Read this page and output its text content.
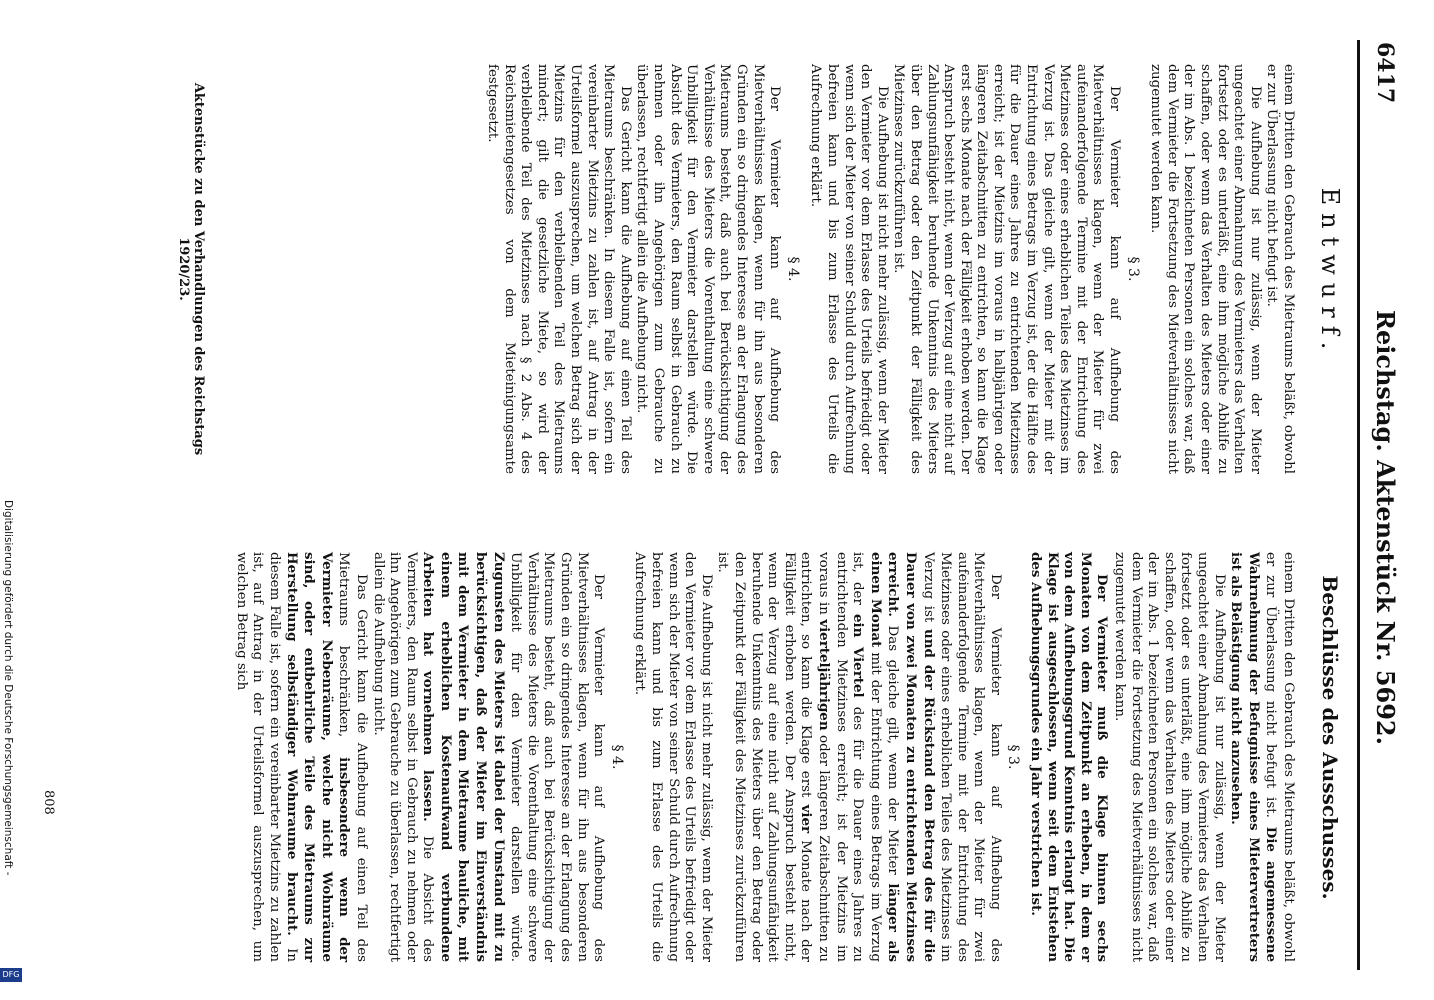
Digitalisierung gefördert durch die Deutsche Forschungsgemeinschaft -
DFG
6417
Reichstag. Aktenstück Nr. 5692.
Entwurf.
Beschlüsse des Ausschusses.

einem Dritten den Gebrauch des Mietraums beläßt, obwohl er zur Überlassung nicht befugt ist.

Die Aufhebung ist nur zulässig, wenn der Mieter ungeachtet einer Abmahnung des Vermieters das Verhalten fortsetzt oder es unterläßt, eine ihm mögliche Abhilfe zu schaffen, oder wenn das Verhalten des Mieters oder einer der im Abs. 1 bezeichneten Personen ein solches war, daß dem Vermieter die Fortsetzung des Mietverhältnisses nicht zugemutet werden kann.

§ 3.

Der Vermieter kann auf Aufhebung des Mietverhältnisses klagen, wenn der Mieter für zwei aufeinanderfolgende Termine mit der Entrichtung des Mietzinses oder eines erheblichen Teiles des Mietzinses im Verzug ist. Das gleiche gilt, wenn der Mieter mit der Entrichtung eines Betrags im Verzug ist, der die Hälfte des für die Dauer eines Jahres zu entrichtenden Mietzinses erreicht; ist der Mietzins im voraus in halbjährigen oder längeren Zeitabschnitten zu entrichten, so kann die Klage erst sechs Monate nach der Fälligkeit erhoben werden. Der Anspruch besteht nicht, wenn der Verzug auf eine nicht auf Zahlungsunfähigkeit beruhende Unkenntnis des Mieters über den Betrag oder den Zeitpunkt der Fälligkeit des Mietzinses zurückzuführen ist.

Die Aufhebung ist nicht mehr zulässig, wenn der Mieter den Vermieter vor dem Erlasse des Urteils befriedigt oder wenn sich der Mieter von seiner Schuld durch Aufrechnung befreien kann und bis zum Erlasse des Urteils die Aufrechnung erklärt.

§ 4.

Der Vermieter kann auf Aufhebung des Mietverhältnisses klagen, wenn für ihn aus besonderen Gründen ein so dringendes Interesse an der Erlangung des Mietraums besteht, daß auch bei Berücksichtigung der Verhältnisse des Mieters die Vorenthaltung eine schwere Unbilligkeit für den Vermieter darstellen würde. Die Absicht des Vermieters, den Raum selbst in Gebrauch zu nehmen oder ihn Angehörigen zum Gebrauche zu überlassen, rechtfertigt allein die Aufhebung nicht.

Das Gericht kann die Aufhebung auf einen Teil des Mietraums beschränken. In diesem Falle ist, sofern ein vereinbarter Mietzins zu zahlen ist, auf Antrag in der Urteilsformel auszusprechen, um welchen Betrag sich der Mietzins für den verbleibenden Teil des Mietraums mindert; gilt die gesetzliche Miete, so wird der verbleibende Teil des Mietzinses nach § 2 Abs. 4 des Reichsmietengesetzes von dem Mieteinigungsamte festgesetzt.

Aktenstücke zu den Verhandlungen des Reichstags 1920/23.

einem Dritten den Gebrauch des Mietraums beläßt, obwohl er zur Überlassung nicht befugt ist. Die angemessene Wahrnehmung der Befugnisse eines Mietervertreters ist als Belästigung nicht anzusehen.

Die Aufhebung ist nur zulässig, wenn der Mieter ungeachtet einer Abmahnung des Vermieters das Verhalten fortsetzt oder es unterläßt, eine ihm mögliche Abhilfe zu schaffen, oder wenn das Verhalten des Mieters oder einer der im Abs. 1 bezeichneten Personen ein solches war, daß dem Vermieter die Fortsetzung des Mietverhältnisses nicht zugemutet werden kann.

Der Vermieter muß die Klage binnen sechs Monaten von dem Zeitpunkt an erheben, in dem er von dem Aufhebungsgrund Kenntnis erlangt hat. Die Klage ist ausgeschlossen, wenn seit dem Entstehen des Aufhebungsgrundes ein Jahr verstrichen ist.

§ 3.

Der Vermieter kann auf Aufhebung des Mietverhältnisses klagen, wenn der Mieter für zwei aufeinanderfolgende Termine mit der Entrichtung des Mietzinses oder eines erheblichen Teiles des Mietzinses im Verzug ist und der Rückstand den Betrag des für die Dauer von zwei Monaten zu entrichtenden Mietzinses erreicht. Das gleiche gilt, wenn der Mieter länger als einen Monat mit der Entrichtung eines Betrags im Verzug ist, der ein Viertel des für die Dauer eines Jahres zu entrichtenden Mietzinses erreicht; ist der Mietzins im voraus in vierteljährigen oder längeren Zeitabschnitten zu entrichten, so kann die Klage erst vier Monate nach der Fälligkeit erhoben werden. Der Anspruch besteht nicht, wenn der Verzug auf eine nicht auf Zahlungsunfähigkeit beruhende Unkenntnis des Mieters über den Betrag oder den Zeitpunkt der Fälligkeit des Mietzinses zurückzuführen ist.

Die Aufhebung ist nicht mehr zulässig, wenn der Mieter den Vermieter vor dem Erlasse des Urteils befriedigt oder wenn sich der Mieter von seiner Schuld durch Aufrechnung befreien kann und bis zum Erlasse des Urteils die Aufrechnung erklärt.

§ 4.

Der Vermieter kann auf Aufhebung des Mietverhältnisses klagen, wenn für ihn aus besonderen Gründen ein so dringendes Interesse an der Erlangung des Mietraums besteht, daß auch bei Berücksichtigung der Verhältnisse des Mieters die Vorenthaltung eine schwere Unbilligkeit für den Vermieter darstellen würde. Zugunsten des Mieters ist dabei der Umstand mit zu berücksichtigen, daß der Mieter im Einverständnis mit dem Vermieter in dem Mietraume bauliche, mit einem erheblichen Kostenaufwand verbundene Arbeiten hat vornehmen lassen. Die Absicht des Vermieters, den Raum selbst in Gebrauch zu nehmen oder ihn Angehörigen zum Gebrauche zu überlassen, rechtfertigt allein die Aufhebung nicht.

Das Gericht kann die Aufhebung auf einen Teil des Mietraums beschränken, insbesondere wenn der Vermieter Nebenräume, welche nicht Wohnräume sind, oder entbehrliche Teile des Mietraums zur Herstellung selbständiger Wohnraume braucht. In diesem Falle ist, sofern ein vereinbarter Mietzins zu zahlen ist, auf Antrag in der Urteilsformel auszusprechen, um welchen Betrag sich

808
